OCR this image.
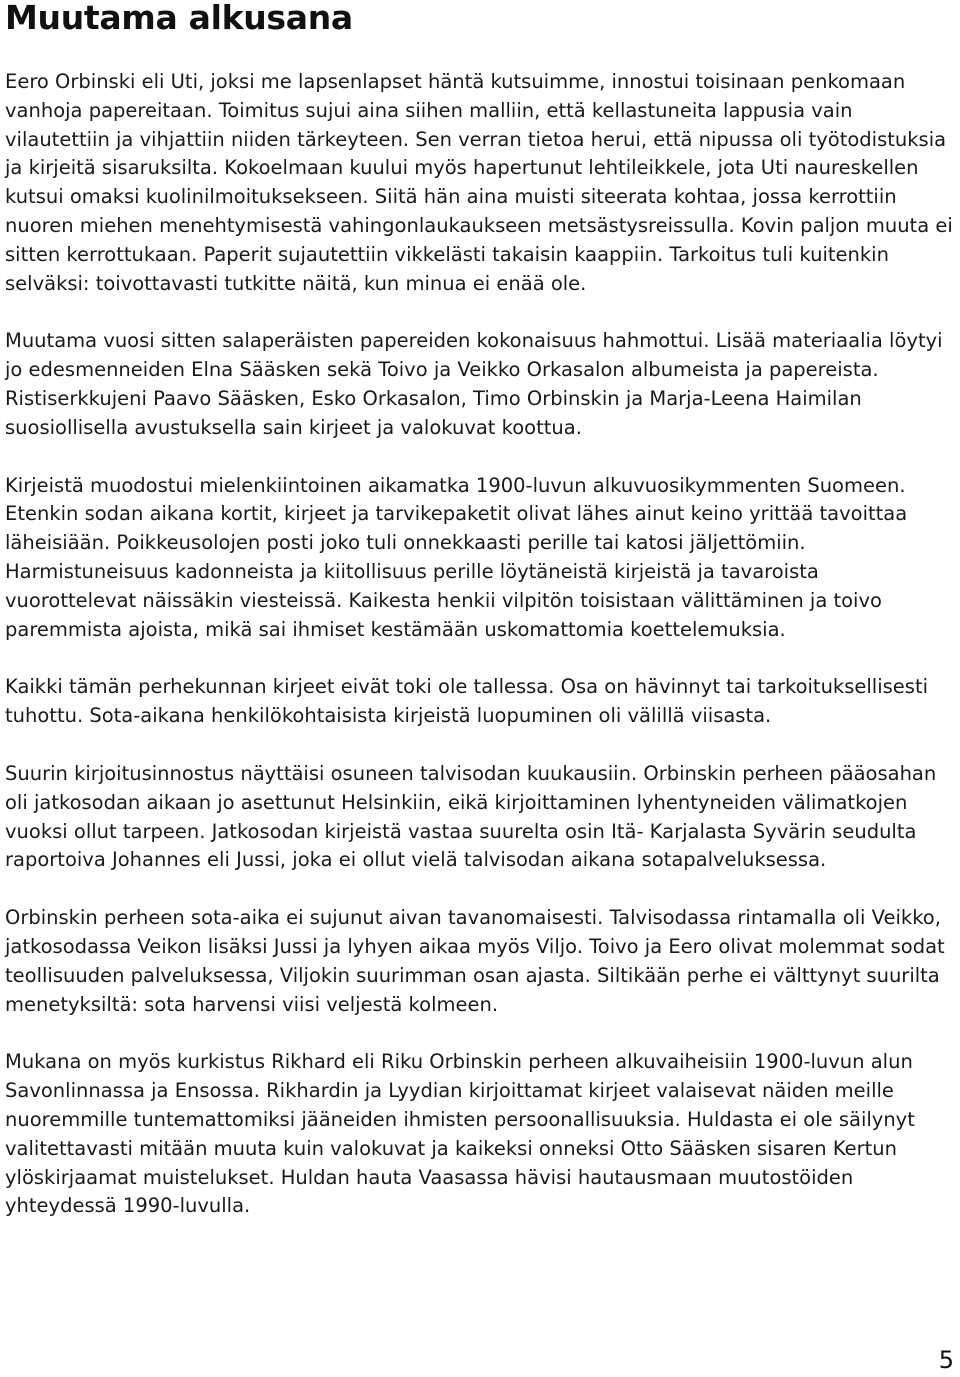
Muutama alkusana

Eero Orbinski eli Uti, joksi me lapsenlapset häntä kutsuimme, innostui toisinaan penkomaan vanhoja papereitaan. Toimitus sujui aina siihen malliin, että kellastuneita lappusia vain vilautettiin ja vihjattiin niiden tärkeyteen. Sen verran tietoa herui, että nipussa oli työtodistuksia ja kirjeitä sisaruksilta. Kokoelmaan kuului myös hapertunut lehtileikkele, jota Uti naureskellen kutsui omaksi kuolinilmoituksekseen. Siitä hän aina muisti siteerata kohtaa, jossa kerrottiin nuoren miehen menehtymisestä vahingonlaukaukseen metsästysreissulla. Kovin paljon muuta ei sitten kerrottukaan. Paperit sujautettiin vikkelästi takaisin kaappiin. Tarkoitus tuli kuitenkin selväksi: toivottavasti tutkitte näitä, kun minua ei enää ole.

Muutama vuosi sitten salaperäisten papereiden kokonaisuus hahmottui. Lisää materiaalia löytyi jo edesmenneiden Elna Sääsken sekä Toivo ja Veikko Orkasalon albumeista ja papereista. Ristiserkkujeni Paavo Sääsken, Esko Orkasalon, Timo Orbinskin ja Marja-Leena Haimilan suosiollisella avustuksella sain kirjeet ja valokuvat koottua.

Kirjeistä muodostui mielenkiintoinen aikamatka 1900-luvun alkuvuosikymmenten Suomeen. Etenkin sodan aikana kortit, kirjeet ja tarvikepaketit olivat lähes ainut keino yrittää tavoittaa läheisiään. Poikkeusolojen posti joko tuli onnekkaasti perille tai katosi jäljettömiin. Harmistuneisuus kadonneista ja kiitollisuus perille löytäneistä kirjeistä ja tavaroista vuorottelevat näissäkin viesteissä. Kaikesta henkii vilpitön toisistaan välittäminen ja toivo paremmista ajoista, mikä sai ihmiset kestämään uskomattomia koettelemuksia.

Kaikki tämän perhekunnan kirjeet eivät toki ole tallessa. Osa on hävinnyt tai tarkoituksellisesti tuhottu. Sota-aikana henkilökohtaisista kirjeistä luopuminen oli välillä viisasta.

Suurin kirjoitusinnostus näyttäisi osuneen talvisodan kuukausiin. Orbinskin perheen pääosahan oli jatkosodan aikaan jo asettunut Helsinkiin, eikä kirjoittaminen lyhentyneiden välimatkojen vuoksi ollut tarpeen. Jatkosodan kirjeistä vastaa suurelta osin Itä- Karjalasta Syvärin seudulta raportoiva Johannes eli Jussi, joka ei ollut vielä talvisodan aikana sotapalveluksessa.

Orbinskin perheen sota-aika ei sujunut aivan tavanomaisesti. Talvisodassa rintamalla oli Veikko, jatkosodassa Veikon lisäksi Jussi ja lyhyen aikaa myös Viljo. Toivo ja Eero olivat molemmat sodat teollisuuden palveluksessa, Viljokin suurimman osan ajasta. Siltikään perhe ei välttynyt suurilta menetyksiltä: sota harvensi viisi veljestä kolmeen.

Mukana on myös kurkistus Rikhard eli Riku Orbinskin perheen alkuvaiheisiin 1900-luvun alun Savonlinnassa ja Ensossa. Rikhardin ja Lyydian kirjoittamat kirjeet valaisevat näiden meille nuoremmille tuntemattomiksi jääneiden ihmisten persoonallisuuksia. Huldasta ei ole säilynyt valitettavasti mitään muuta kuin valokuvat ja kaikeksi onneksi Otto Sääsken sisaren Kertun ylöskirjaamat muistelukset. Huldan hauta Vaasassa hävisi hautausmaan muutostöiden yhteydessä 1990-luvulla.

5
